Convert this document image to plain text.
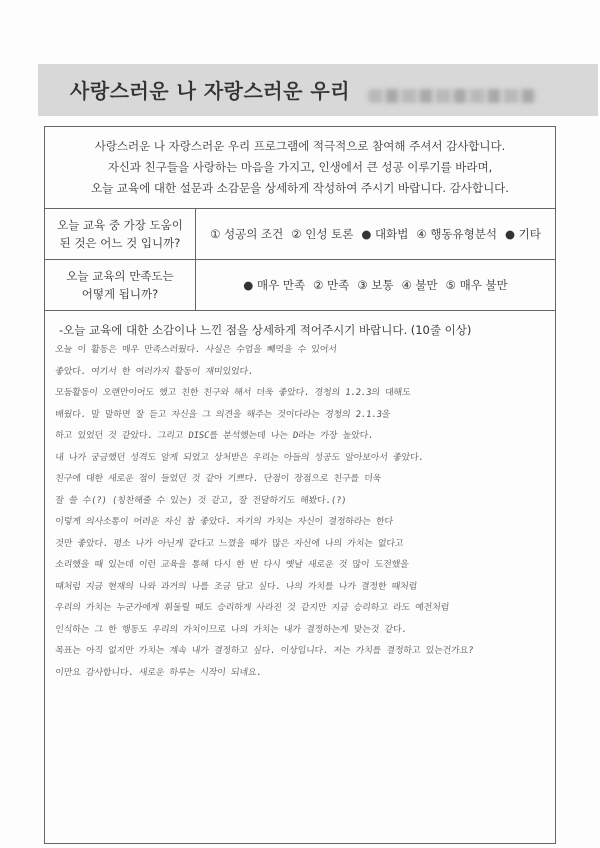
사랑스러운 나 자랑스러운 우리
사랑스러운 나 자랑스러운 우리 프로그램에 적극적으로 참여해 주셔서 감사합니다.
자신과 친구들을 사랑하는 마음을 가지고, 인생에서 큰 성공 이루기를 바라며,
오늘 교육에 대한 설문과 소감문을 상세하게 작성하여 주시기 바랍니다. 감사합니다.
오늘 교육 중 가장 도움이
된 것은 어느 것 입니까?
① 성공의 조건 ② 인성 토론 ● 대화법 ④ 행동유형분석 ● 기타
오늘 교육의 만족도는
어떻게 됩니까?
● 매우 만족 ② 만족 ③ 보통 ④ 불만 ⑤ 매우 불만
-오늘 교육에 대한 소감이나 느낀 점을 상세하게 적어주시기 바랍니다. (10줄 이상)
오늘 이 활동은 매우 만족스러웠다. 사실은 수업을 빼먹을 수 있어서
좋았다. 여기서 한 여러가지 활동이 재미있었다.
모둠활동이 오랜만이어도 했고 친한 친구와 해서 더욱 좋았다. 경청의 1.2.3의 대해도
배웠다. 말 말하면 잘 듣고 자신을 그 의견을 해주는 것이다라는 경청의 2.1.3을
하고 있었던 것 같았다. 그리고 DISC를 분석했는데 나는 D라는 가장 높았다.
내 나가 궁금했던 성격도 알게 되었고 상처받은 우리는 아들의 성공도 알아보아서 좋았다.
친구에 대한 새로운 점이 들었던 것 같아 기쁘다. 단점이 장점으로 친구를 더욱
잘 쓸 수(?) (칭찬해줄 수 있는) 것 같고, 잘 전달하기도 해봤다.(?)
이렇게 의사소통이 어려운 자신 참 좋았다. 자기의 가치는 자신이 결정하라는 한다
것만 좋았다. 평소 나가 아닌게 같다고 느꼈을 때가 많은 자신에 나의 가치는 없다고
소리했을 때 있는데 이런 교육을 통해 다시 한 번 다시 옛날 새로운 것 많이 도전했을
때처럼 지금 현재의 나와 과거의 나를 조금 담고 싶다. 나의 가치를 나가 결정한 때처럼
우리의 가치는 누군가에게 휘둘릴 때도 승리하게 사라진 것 같지만 지금 승리하고 라도 예전처럼
인식하는 그 한 행동도 우리의 가치이므로 나의 가치는 내가 결정하는게 맞는것 같다.
목표는 아직 없지만 가치는 계속 내가 결정하고 싶다. 이상입니다. 저는 가치를 결정하고 있는건가요?
이만요 감사합니다. 새로운 하루는 시작이 되네요.
